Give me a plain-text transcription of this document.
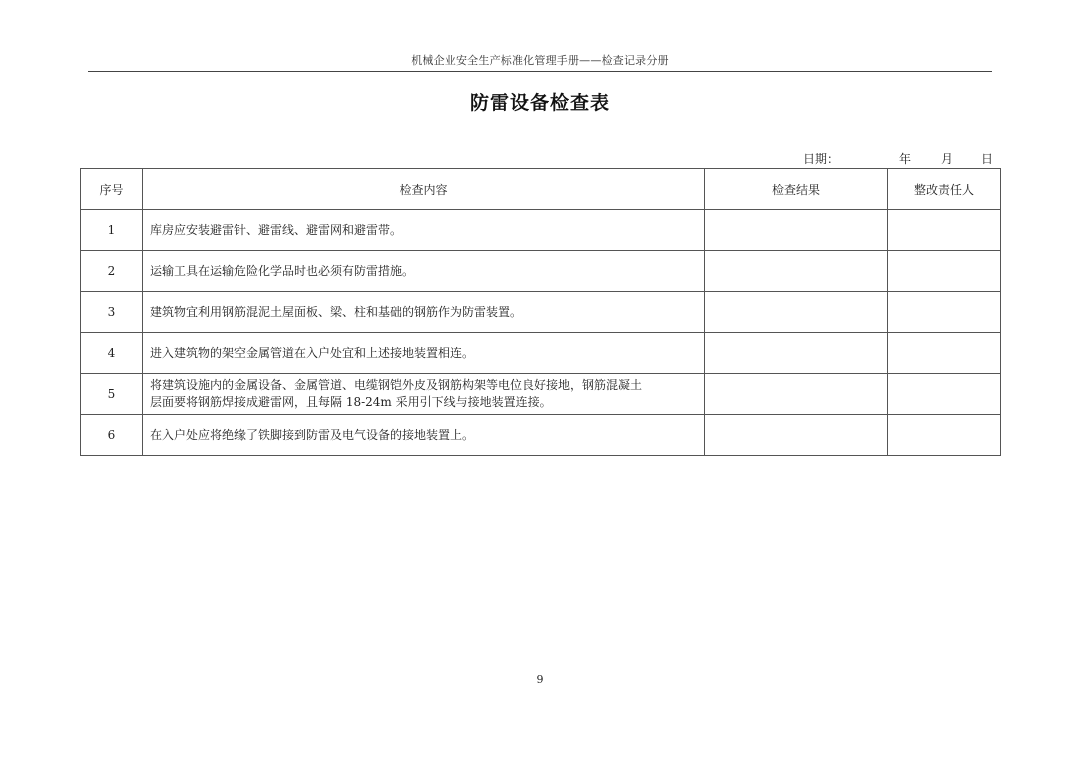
机械企业安全生产标准化管理手册——检查记录分册
防雷设备检查表
日期：	年 月 日
序号	检查内容	检查结果	整改责任人
1	库房应安装避雷针、避雷线、避雷网和避雷带。		
2	运输工具在运输危险化学品时也必须有防雷措施。		
3	建筑物宜利用钢筋混泥土屋面板、梁、柱和基础的钢筋作为防雷装置。		
4	进入建筑物的架空金属管道在入户处宜和上述接地装置相连。		
5	将建筑设施内的金属设备、金属管道、电缆钢铠外皮及钢筋构架等电位良好接地，钢筋混凝土
层面要将钢筋焊接成避雷网，且每隔 18-24m 采用引下线与接地装置连接。		

6	在入户处应将绝缘了铁脚接到防雷及电气设备的接地装置上。		
9
